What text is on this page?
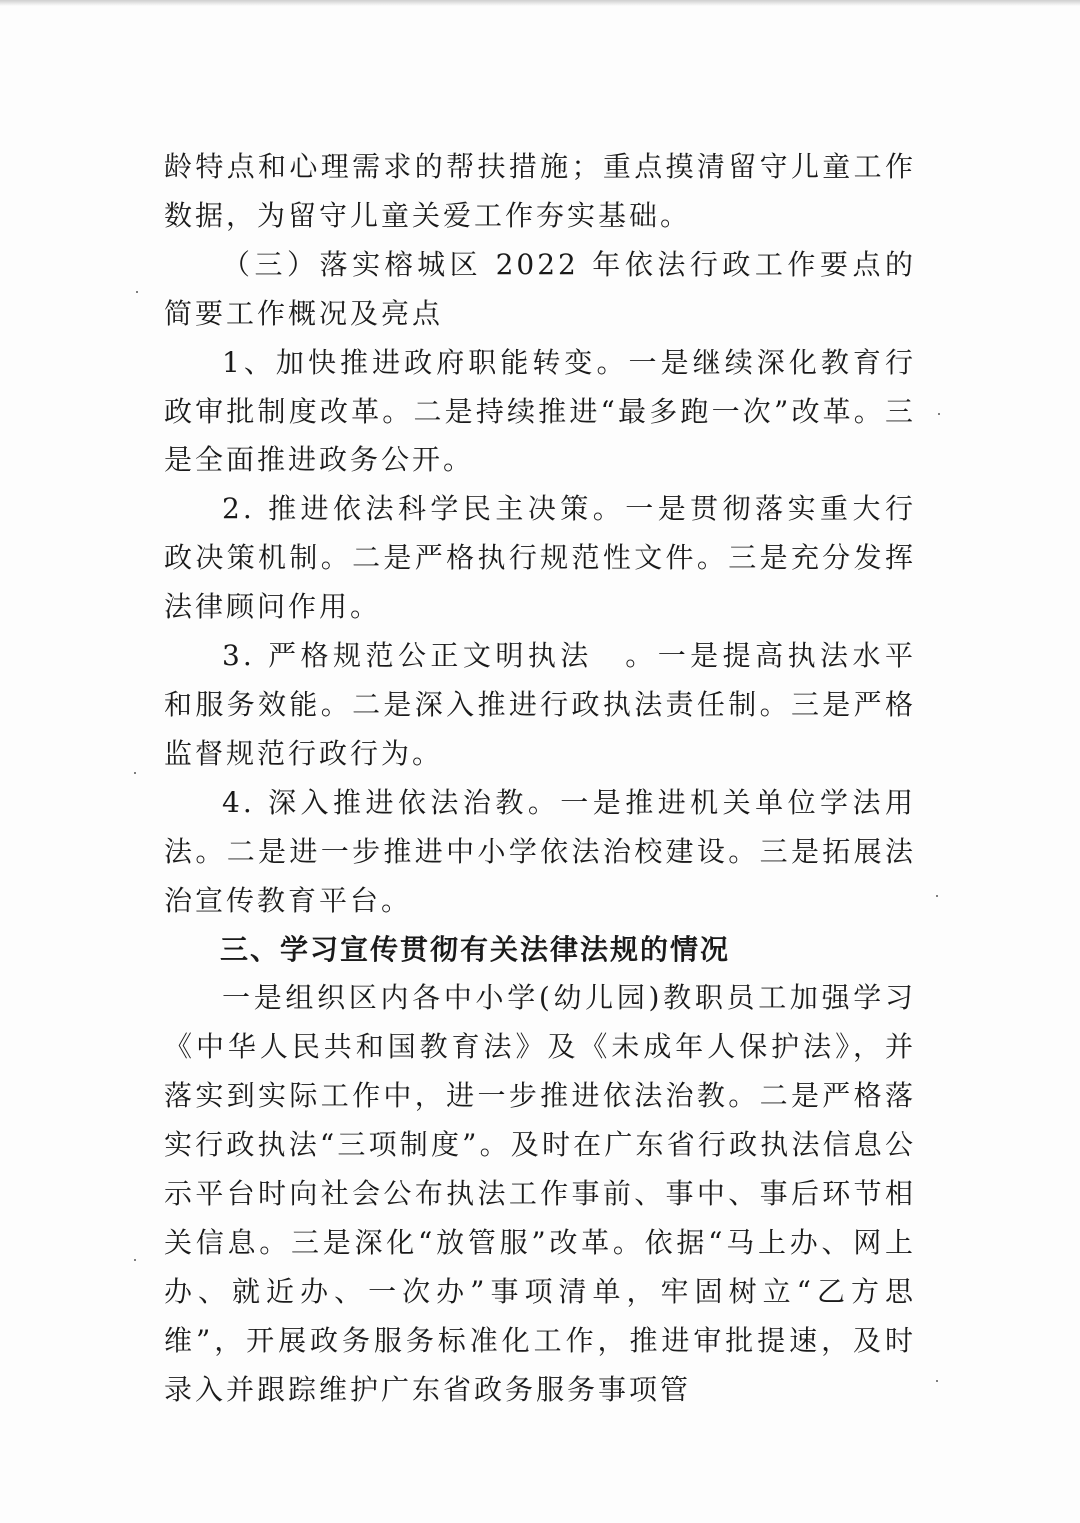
龄特点和心理需求的帮扶措施；重点摸清留守儿童工作数据，为留守儿童关爱工作夯实基础。

（三）落实榕城区 2022 年依法行政工作要点的简要工作概况及亮点

1、加快推进政府职能转变。一是继续深化教育行政审批制度改革。二是持续推进“最多跑一次”改革。三是全面推进政务公开。

2. 推进依法科学民主决策。一是贯彻落实重大行政决策机制。二是严格执行规范性文件。三是充分发挥法律顾问作用。

3. 严格规范公正文明执法　。一是提高执法水平和服务效能。二是深入推进行政执法责任制。三是严格监督规范行政行为。

4. 深入推进依法治教。一是推进机关单位学法用法。二是进一步推进中小学依法治校建设。三是拓展法治宣传教育平台。

三、学习宣传贯彻有关法律法规的情况

一是组织区内各中小学(幼儿园)教职员工加强学习《中华人民共和国教育法》及《未成年人保护法》，并落实到实际工作中，进一步推进依法治教。二是严格落实行政执法“三项制度”。及时在广东省行政执法信息公示平台时向社会公布执法工作事前、事中、事后环节相关信息。三是深化“放管服”改革。依据“马上办、网上办、就近办、一次办”事项清单，牢固树立“乙方思维”，开展政务服务标准化工作，推进审批提速，及时录入并跟踪维护广东省政务服务事项管
